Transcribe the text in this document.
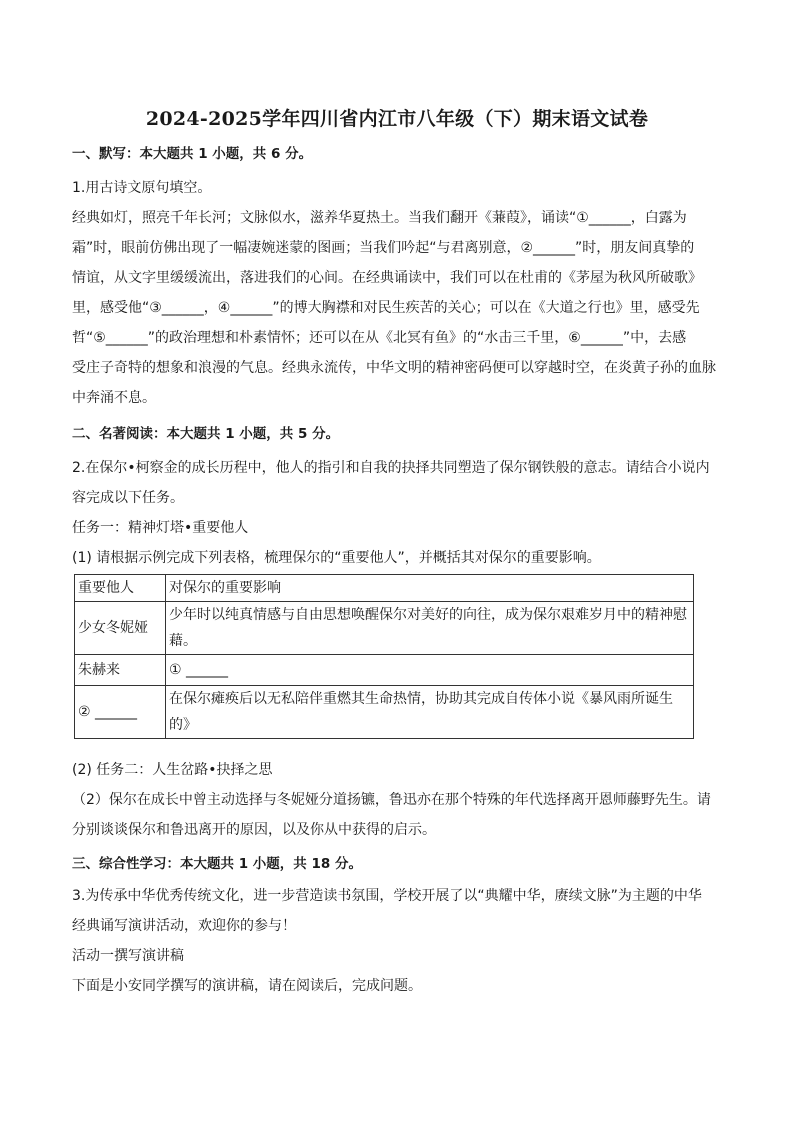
2024-2025学年四川省内江市八年级（下）期末语文试卷
一、默写：本大题共 1 小题，共 6 分。
1.用古诗文原句填空。
经典如灯，照亮千年长河；文脉似水，滋养华夏热土。当我们翻开《蒹葭》，诵读“①______，白露为
霜”时，眼前仿佛出现了一幅凄婉迷蒙的图画；当我们吟起“与君离别意，②______”时，朋友间真挚的
情谊，从文字里缓缓流出，落进我们的心间。在经典诵读中，我们可以在杜甫的《茅屋为秋风所破歌》
里，感受他“③______，④______”的博大胸襟和对民生疾苦的关心；可以在《大道之行也》里，感受先
哲“⑤______”的政治理想和朴素情怀；还可以在从《北冥有鱼》的“水击三千里，⑥______”中，去感
受庄子奇特的想象和浪漫的气息。经典永流传，中华文明的精神密码便可以穿越时空，在炎黄子孙的血脉
中奔涌不息。
二、名著阅读：本大题共 1 小题，共 5 分。
2.在保尔•柯察金的成长历程中，他人的指引和自我的抉择共同塑造了保尔钢铁般的意志。请结合小说内
容完成以下任务。
任务一：精神灯塔•重要他人
(1) 请根据示例完成下列表格，梳理保尔的“重要他人”，并概括其对保尔的重要影响。
重要他人	对保尔的重要影响
少女冬妮娅	少年时以纯真情感与自由思想唤醒保尔对美好的向往，成为保尔艰难岁月中的精神慰
藉。

朱赫来	① ______
② ______	在保尔瘫痪后以无私陪伴重燃其生命热情，协助其完成自传体小说《暴风雨所诞生
的》
(2) 任务二：人生岔路•抉择之思
（2）保尔在成长中曾主动选择与冬妮娅分道扬镳，鲁迅亦在那个特殊的年代选择离开恩师藤野先生。请
分别谈谈保尔和鲁迅离开的原因，以及你从中获得的启示。
三、综合性学习：本大题共 1 小题，共 18 分。
3.为传承中华优秀传统文化，进一步营造读书氛围，学校开展了以“典耀中华，赓续文脉”为主题的中华
经典诵写演讲活动，欢迎你的参与！
活动一撰写演讲稿
下面是小安同学撰写的演讲稿，请在阅读后，完成问题。
